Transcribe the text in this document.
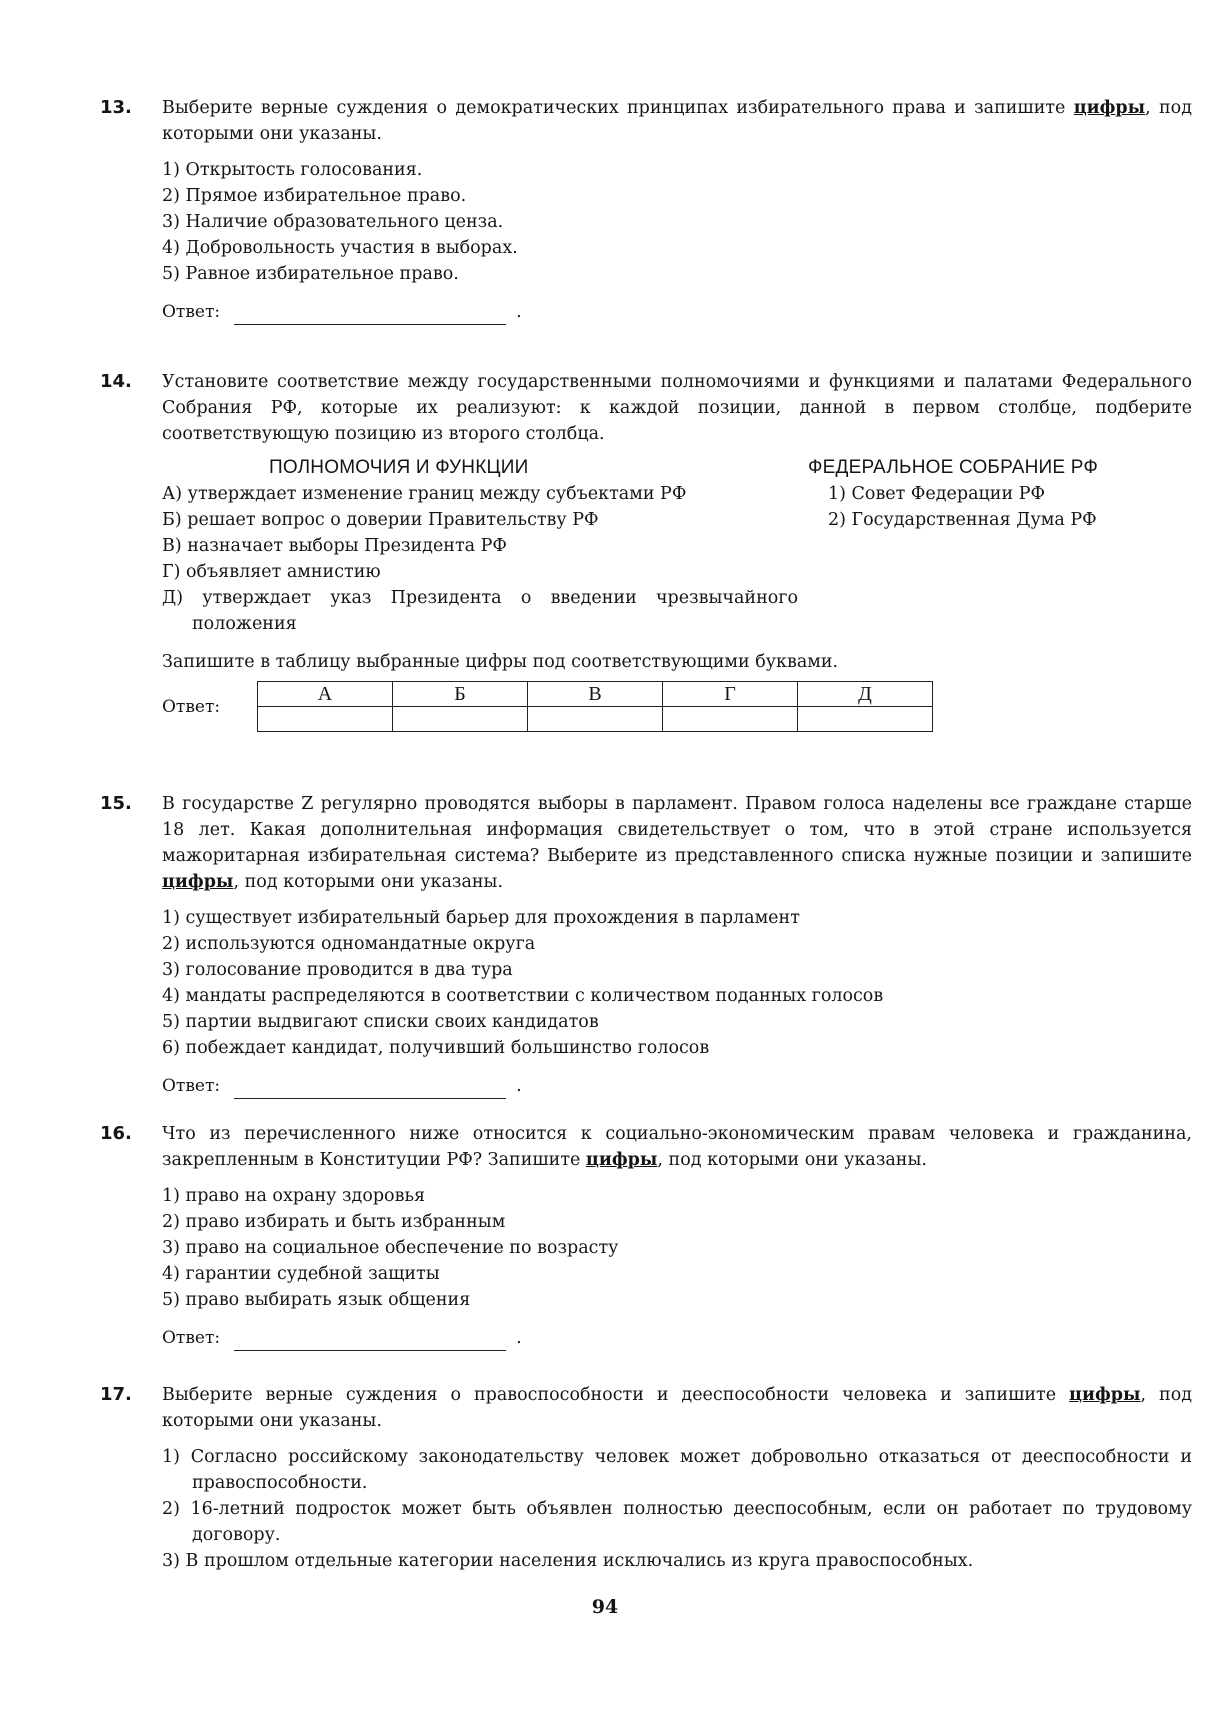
13. Выберите верные суждения о демократических принципах избирательного права и запишите цифры, под которыми они указаны.

1) Открытость голосования.
2) Прямое избирательное право.
3) Наличие образовательного ценза.
4) Добровольность участия в выборах.
5) Равное избирательное право.
Ответ:	.
14. Установите соответствие между государственными полномочиями и функциями и палатами Федерального Собрания РФ, которые их реализуют: к каждой позиции, данной в первом столбце, подберите соответствующую позицию из второго столбца.

ПОЛНОМОЧИЯ И ФУНКЦИИ
А) утверждает изменение границ между субъектами РФ
Б) решает вопрос о доверии Правительству РФ
В) назначает выборы Президента РФ
Г) объявляет амнистию
Д) утверждает указ Президента о введении чрезвычайного положения
ФЕДЕРАЛЬНОЕ СОБРАНИЕ РФ
1) Совет Федерации РФ
2) Государственная Дума РФ

Запишите в таблицу выбранные цифры под соответствующими буквами.

Ответ:
А	Б	В	Г	Д

15. В государстве Z регулярно проводятся выборы в парламент. Правом голоса наделены все граждане старше 18 лет. Какая дополнительная информация свидетельствует о том, что в этой стране используется мажоритарная избирательная система? Выберите из представленного списка нужные позиции и запишите цифры, под которыми они указаны.

1) существует избирательный барьер для прохождения в парламент
2) используются одномандатные округа
3) голосование проводится в два тура
4) мандаты распределяются в соответствии с количеством поданных голосов
5) партии выдвигают списки своих кандидатов
6) побеждает кандидат, получивший большинство голосов
Ответ:	.
16. Что из перечисленного ниже относится к социально-экономическим правам человека и гражданина, закрепленным в Конституции РФ? Запишите цифры, под которыми они указаны.

1) право на охрану здоровья
2) право избирать и быть избранным
3) право на социальное обеспечение по возрасту
4) гарантии судебной защиты
5) право выбирать язык общения
Ответ:	.
17. Выберите верные суждения о правоспособности и дееспособности человека и запишите цифры, под которыми они указаны.

1) Согласно российскому законодательству человек может добровольно отказаться от дееспособности и правоспособности.
2) 16-летний подросток может быть объявлен полностью дееспособным, если он работает по трудовому договору.
3) В прошлом отдельные категории населения исключались из круга правоспособных.
94
